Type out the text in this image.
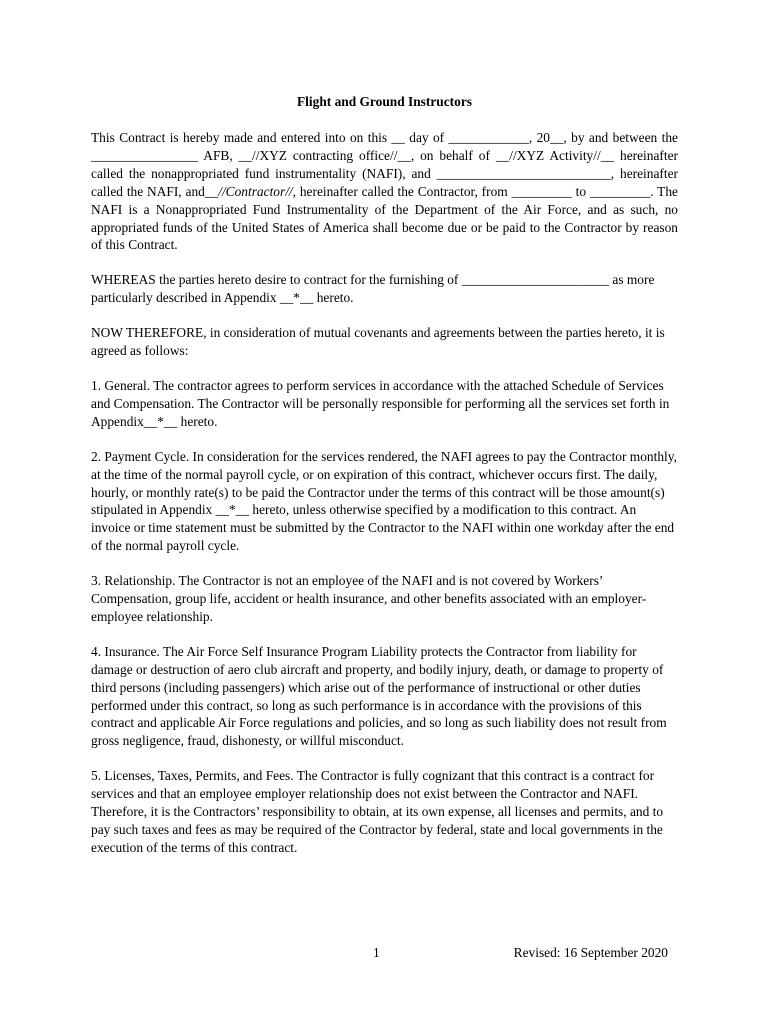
Flight and Ground Instructors

This Contract is hereby made and entered into on this __ day of ____________, 20__, by and between the ________________ AFB, __//XYZ contracting office//__, on behalf of __//XYZ Activity//__ hereinafter called the nonappropriated fund instrumentality (NAFI), and __________________________, hereinafter called the NAFI, and__//Contractor//, hereinafter called the Contractor, from _________ to _________. The NAFI is a Nonappropriated Fund Instrumentality of the Department of the Air Force, and as such, no appropriated funds of the United States of America shall become due or be paid to the Contractor by reason of this Contract.

WHEREAS the parties hereto desire to contract for the furnishing of ______________________ as more particularly described in Appendix __*__ hereto.

NOW THEREFORE, in consideration of mutual covenants and agreements between the parties hereto, it is agreed as follows:

1. General. The contractor agrees to perform services in accordance with the attached Schedule of Services and Compensation. The Contractor will be personally responsible for performing all the services set forth in Appendix__*__ hereto.

2. Payment Cycle. In consideration for the services rendered, the NAFI agrees to pay the Contractor monthly, at the time of the normal payroll cycle, or on expiration of this contract, whichever occurs first. The daily, hourly, or monthly rate(s) to be paid the Contractor under the terms of this contract will be those amount(s) stipulated in Appendix __*__ hereto, unless otherwise specified by a modification to this contract. An invoice or time statement must be submitted by the Contractor to the NAFI within one workday after the end of the normal payroll cycle.

3. Relationship. The Contractor is not an employee of the NAFI and is not covered by Workers’ Compensation, group life, accident or health insurance, and other benefits associated with an employer-employee relationship.

4. Insurance. The Air Force Self Insurance Program Liability protects the Contractor from liability for damage or destruction of aero club aircraft and property, and bodily injury, death, or damage to property of third persons (including passengers) which arise out of the performance of instructional or other duties performed under this contract, so long as such performance is in accordance with the provisions of this contract and applicable Air Force regulations and policies, and so long as such liability does not result from gross negligence, fraud, dishonesty, or willful misconduct.

5. Licenses, Taxes, Permits, and Fees. The Contractor is fully cognizant that this contract is a contract for services and that an employee employer relationship does not exist between the Contractor and NAFI. Therefore, it is the Contractors’ responsibility to obtain, at its own expense, all licenses and permits, and to pay such taxes and fees as may be required of the Contractor by federal, state and local governments in the execution of the terms of this contract.

1	Revised: 16 September 2020
